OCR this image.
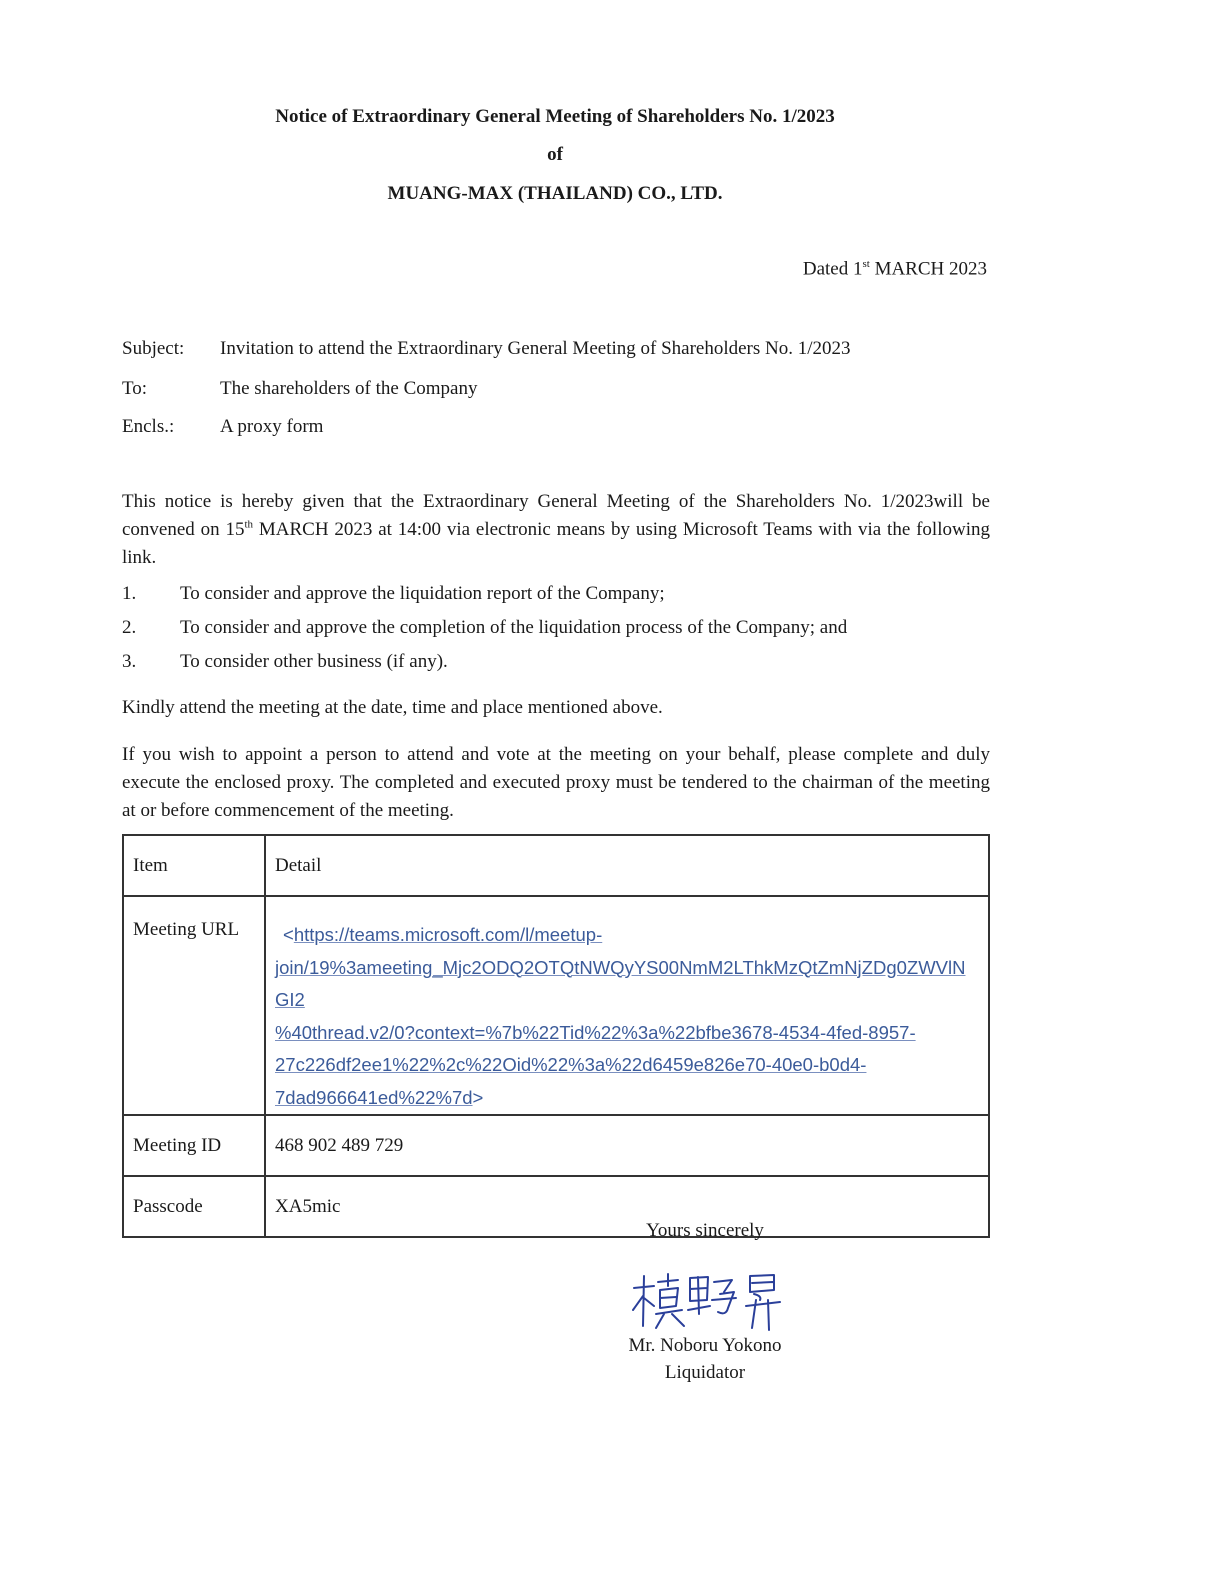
Notice of Extraordinary General Meeting of Shareholders No. 1/2023
of
MUANG-MAX (THAILAND) CO., LTD.
Dated 1st MARCH 2023
Subject: Invitation to attend the Extraordinary General Meeting of Shareholders No. 1/2023
To:	The shareholders of the Company
Encls.: A proxy form
This notice is hereby given that the Extraordinary General Meeting of the Shareholders No. 1/2023will be convened on 15th MARCH 2023 at 14:00 via electronic means by using Microsoft Teams with via the following link.
1. To consider and approve the liquidation report of the Company;
2. To consider and approve the completion of the liquidation process of the Company; and
3. To consider other business (if any).
Kindly attend the meeting at the date, time and place mentioned above.
If you wish to appoint a person to attend and vote at the meeting on your behalf, please complete and duly execute the enclosed proxy. The completed and executed proxy must be tendered to the chairman of the meeting at or before commencement of the meeting.
Item	Detail
Meeting URL	<https://teams.microsoft.com/l/meetup-
join/19%3ameeting_Mjc2ODQ2OTQtNWQyYS00NmM2LThkMzQtZmNjZDg0ZWVlNGI2
%40thread.v2/0?context=%7b%22Tid%22%3a%22bfbe3678-4534-4fed-8957-
27c226df2ee1%22%2c%22Oid%22%3a%22d6459e826e70-40e0-b0d4-
7dad966641ed%22%7d>

Meeting ID	468 902 489 729
Passcode	XA5mic
Yours sincerely
Mr. Noboru Yokono
Liquidator
